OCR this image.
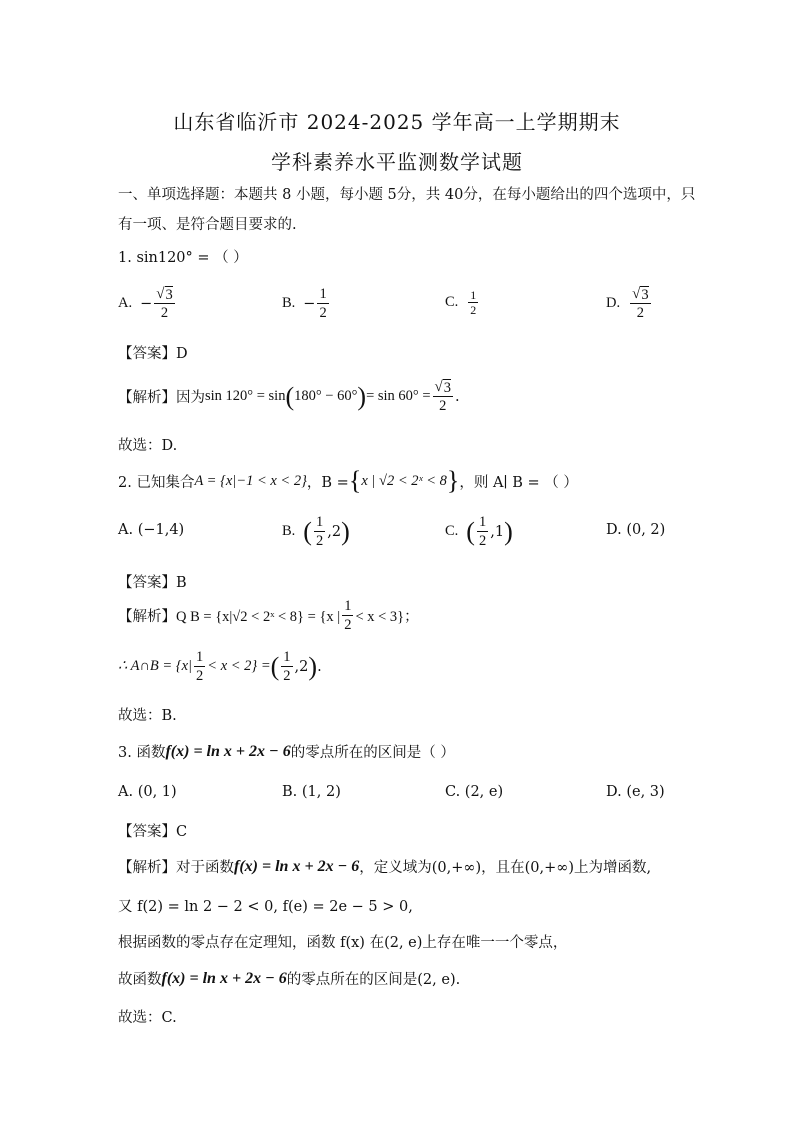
山东省临沂市 2024-2025 学年高一上学期期末
学科素养水平监测数学试题
一、单项选择题：本题共 8 小题，每小题 5分，共 40分，在每小题给出的四个选项中，只
有一项、是符合题目要求的.
1. sin120° = （ ）
A. − $\frac{√ 3}{2}$	B. − $\frac{1}{2}$	C. $\frac{1}{2}$	D. $\frac{√ 3}{2}$
【答案】D
【解析】因为 sin 120° = sin ( 180° − 60° ) = $\sin 60^\circ = \frac{√ 3}{2}$ .
故选：D.
2. 已知集合 A = {x|−1 < x < 2} ，B = { x | √2 < 2ˣ < 8 } ，则 A∣ B = （ ）
A. (−1,4)	B. ( $\frac{1}{2} ,2$ )	C. ( $\frac{1}{2} ,1$ )	D. (0, 2)
【答案】B
【解析】Q B = {x|√2 < 2ˣ < 8} = {x | $\frac{1}{2} < x < 3$}；
∴ A∩B = $\{x| \frac{1}{2} < x < 2\}$ = ( $\frac{1}{2} ,2$ ) .
故选：B.
3. 函数 f(x) = ln x + 2x − 6 的零点所在的区间是（ ）
A. (0, 1)	B. (1, 2)	C. (2, e)	D. (e, 3)
【答案】C
【解析】对于函数 f(x) = ln x + 2x − 6 ，定义域为(0,+∞)，且在(0,+∞)上为增函数,
又 f(2) = ln 2 − 2 < 0, f(e) = 2e − 5 > 0,
根据函数的零点存在定理知，函数 f(x) 在(2, e)上存在唯一一个零点，
故函数 f(x) = ln x + 2x − 6 的零点所在的区间是(2, e).
故选：C.
